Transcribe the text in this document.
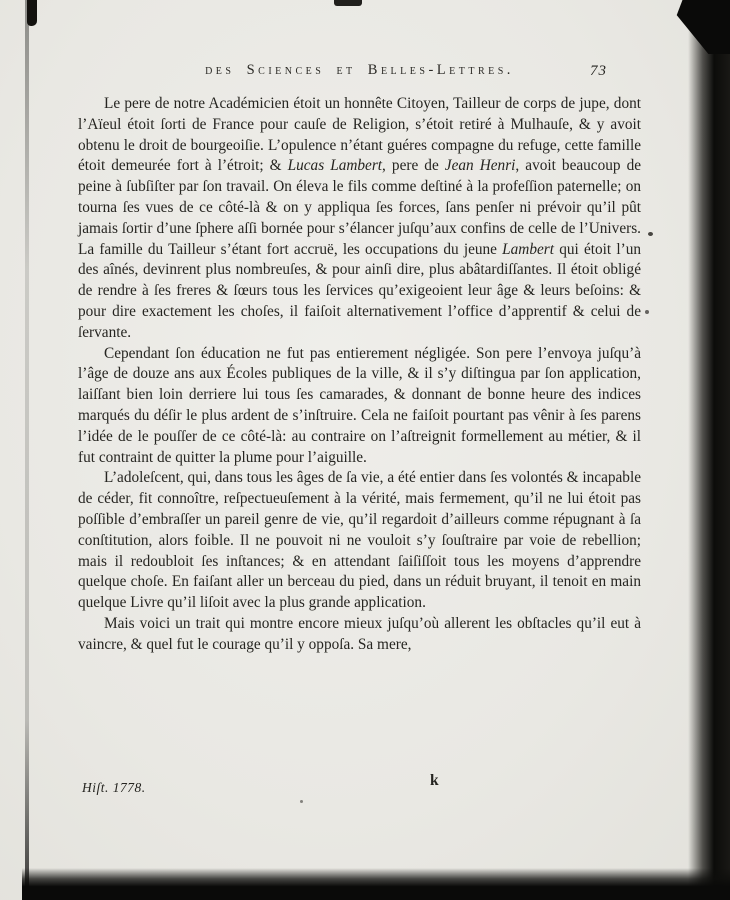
des Sciences et Belles-Lettres.	73

Le pere de notre Académicien étoit un honnête Citoyen, Tailleur de corps de jupe, dont l’Aïeul étoit ſorti de France pour cauſe de Religion, s’étoit retiré à Mulhauſe, & y avoit obtenu le droit de bourgeoiſie. L’opulence n’étant guéres compagne du refuge, cette famille étoit demeurée fort à l’étroit; & Lucas Lambert, pere de Jean Henri, avoit beaucoup de peine à ſubſiſter par ſon travail. On éleva le fils comme deſtiné à la profeſſion paternelle; on tourna ſes vues de ce côté-là & on y appliqua ſes forces, ſans penſer ni prévoir qu’il pût jamais ſortir d’une ſphere aſſi bornée pour s’élancer juſqu’aux confins de celle de l’Univers. La famille du Tailleur s’étant fort accruë, les occupations du jeune Lambert qui étoit l’un des aînés, devinrent plus nombreuſes, & pour ainſi dire, plus abâtardiſſantes. Il étoit obligé de rendre à ſes freres & ſœurs tous les ſervices qu’exigeoient leur âge & leurs beſoins: & pour dire exactement les choſes, il faiſoit alternativement l’office d’apprentif & celui de ſervante.

Cependant ſon éducation ne fut pas entierement négligée. Son pere l’envoya juſqu’à l’âge de douze ans aux Écoles publiques de la ville, & il s’y diſtingua par ſon application, laiſſant bien loin derriere lui tous ſes camarades, & donnant de bonne heure des indices marqués du déſir le plus ardent de s’inſtruire. Cela ne faiſoit pourtant pas vênir à ſes parens l’idée de le pouſſer de ce côté-là: au contraire on l’aſtreignit formellement au métier, & il fut contraint de quitter la plume pour l’aiguille.

L’adoleſcent, qui, dans tous les âges de ſa vie, a été entier dans ſes volontés & incapable de céder, fit connoître, reſpectueuſement à la vérité, mais fermement, qu’il ne lui étoit pas poſſible d’embraſſer un pareil genre de vie, qu’il regardoit d’ailleurs comme répugnant à ſa conſtitution, alors foible. Il ne pouvoit ni ne vouloit s’y ſouſtraire par voie de rebellion; mais il redoubloit ſes inſtances; & en attendant ſaiſiſſoit tous les moyens d’apprendre quelque choſe. En faiſant aller un berceau du pied, dans un réduit bruyant, il tenoit en main quelque Livre qu’il liſoit avec la plus grande application.

Mais voici un trait qui montre encore mieux juſqu’où allerent les obſtacles qu’il eut à vaincre, & quel fut le courage qu’il y oppoſa. Sa mere,

Hiſt. 1778.	k
